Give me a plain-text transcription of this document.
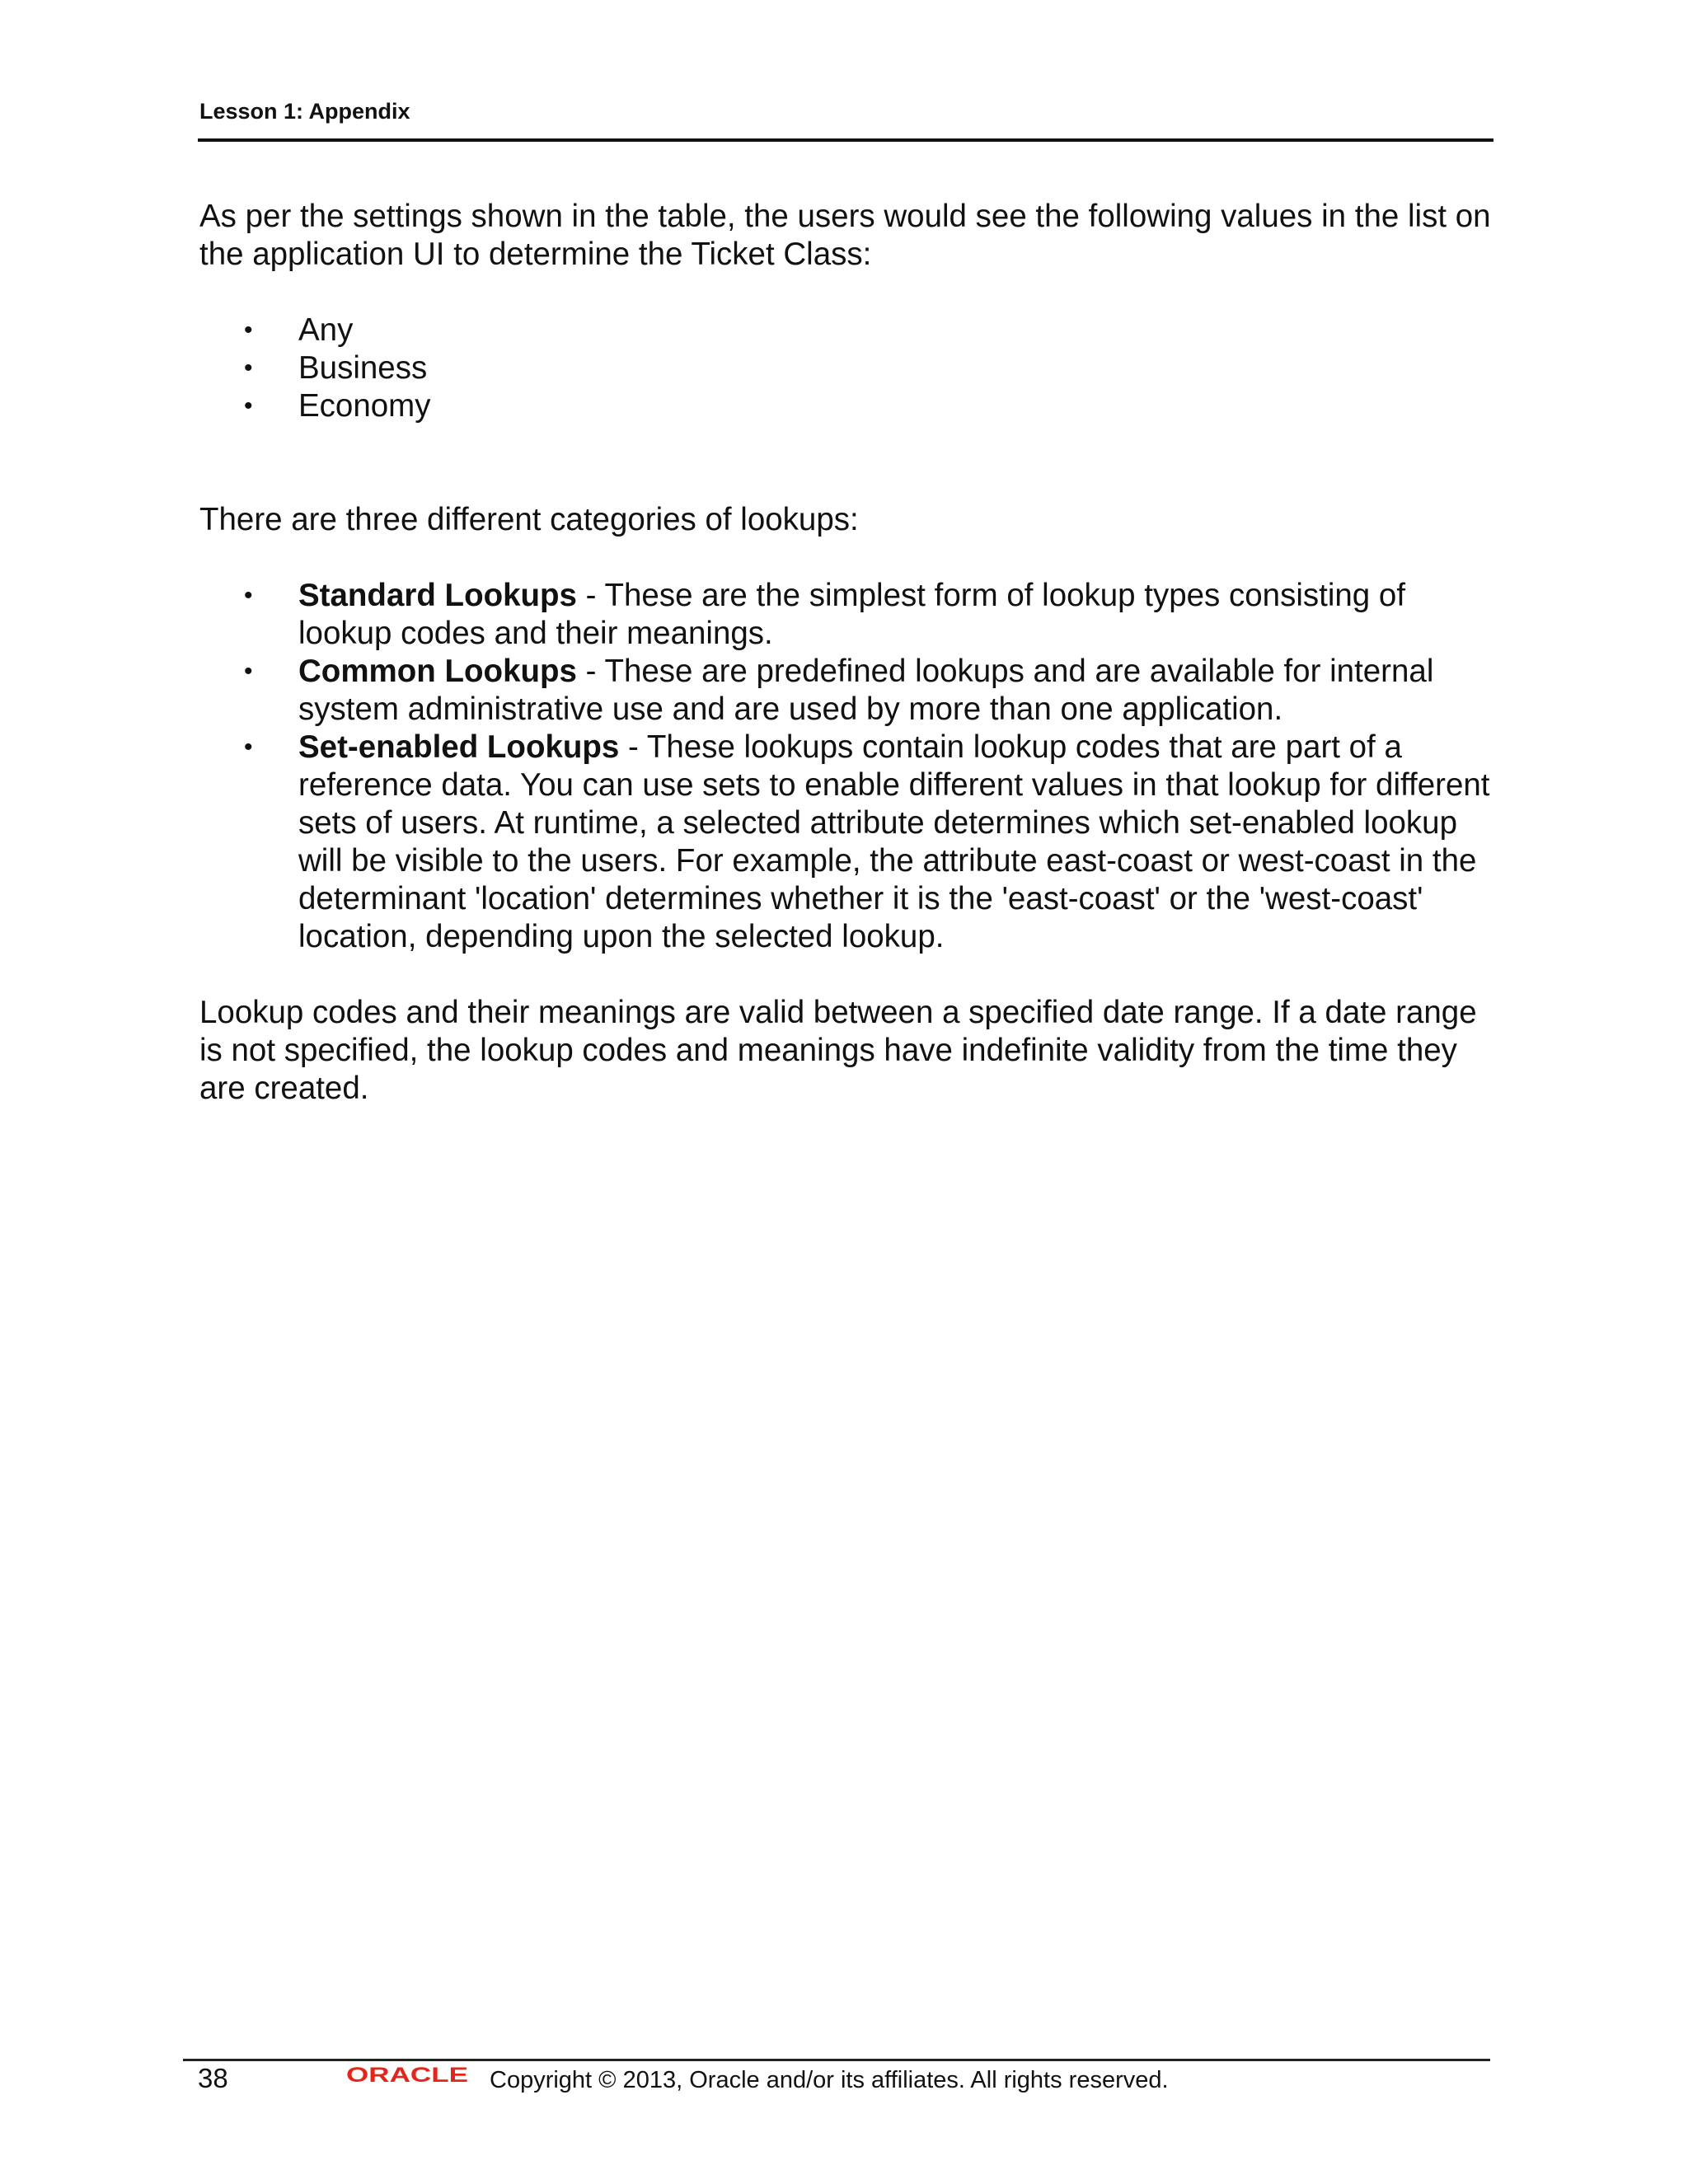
Lesson 1: Appendix

As per the settings shown in the table, the users would see the following values in the list on the application UI to determine the Ticket Class:

• Any
• Business
• Economy

There are three different categories of lookups:

• Standard Lookups - These are the simplest form of lookup types consisting of lookup codes and their meanings.
• Common Lookups - These are predefined lookups and are available for internal system administrative use and are used by more than one application.
• Set-enabled Lookups - These lookups contain lookup codes that are part of a reference data. You can use sets to enable different values in that lookup for different sets of users. At runtime, a selected attribute determines which set-enabled lookup will be visible to the users. For example, the attribute east-coast or west-coast in the determinant 'location' determines whether it is the 'east-coast' or the 'west-coast' location, depending upon the selected lookup.

Lookup codes and their meanings are valid between a specified date range. If a date range is not specified, the lookup codes and meanings have indefinite validity from the time they are created.

38	ORACLE Copyright © 2013, Oracle and/or its affiliates. All rights reserved.
